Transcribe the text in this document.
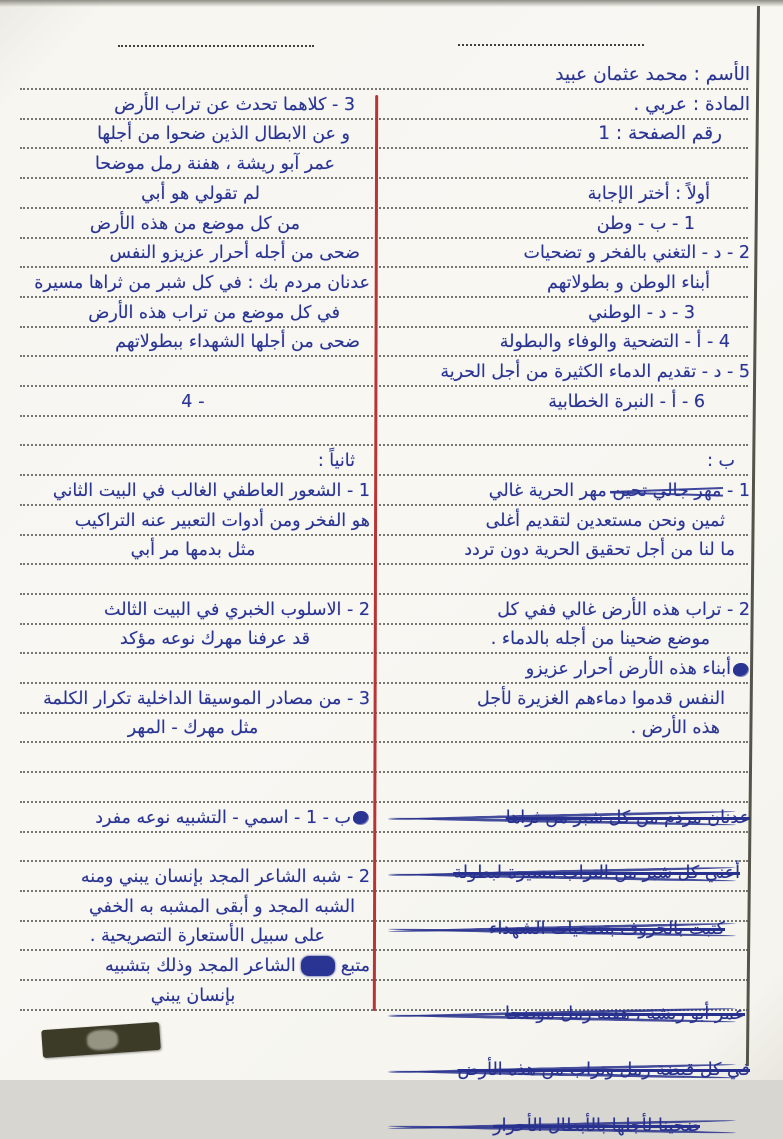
الأسم : محمد عثمان عبيد
المادة : عربي .
رقم الصفحة : 1
أولاً : أختر الإجابة
1 - ب - وطن
2 - د - التغني بالفخر و تضحيات
أبناء الوطن و بطولاتهم
3 - د - الوطني
4 - أ - التضحية والوفاء والبطولة
5 - د - تقديم الدماء الكثيرة من أجل الحرية
6 - أ - النبرة الخطابية
ب :
1 - مهر جالي تحين مهر الحرية غالي
ثمين ونحن مستعدين لتقديم أغلى
ما لنا من أجل تحقيق الحرية دون تردد
2 - تراب هذه الأرض غالي ففي كل
موضع ضحينا من أجله بالدماء .
أبناء هذه الأرض أحرار عزيزو
النفس قدموا دماءهم الغزيرة لأجل
هذه الأرض .
عدنان مردم من كل شبر من ثراها
أعني كل شبر من التراب مسيرة لبطولة
كتبت بالحروف بتضحيات الشهداء
عمر أبو ريشة ، هفنة رمل موضحا
في كل قبضة رمل وتراب من هذه الأرض
ضحينا لأجلها بالأبطال الأحرار
3 - كلاهما تحدث عن تراب الأرض
و عن الابطال الذين ضحوا من أجلها
عمر آبو ريشة ، هفنة رمل موضحا
لم تقولي هو أبي
من كل موضع من هذه الأرض
ضحى من أجله أحرار عزيزو النفس
عدنان مردم بك : في كل شبر من ثراها مسيرة
في كل موضع من تراب هذه الأرض
ضحى من أجلها الشهداء ببطولاتهم
- 4
ثانياً :
1 - الشعور العاطفي الغالب في البيت الثاني
هو الفخر ومن أدوات التعبير عنه التراكيب
مثل بدمها مر أبي
2 - الاسلوب الخبري في البيت الثالث
قد عرفنا مهرك نوعه مؤكد
3 - من مصادر الموسيقا الداخلية تكرار الكلمة
مثل مهرك - المهر
ب - 1 - اسمي - التشبيه نوعه مفرد
2 - شبه الشاعر المجد بإنسان يبني ومنه
الشبه المجد و أبقى المشبه به الخفي
على سبيل الأستعارة التصريحية .
متبع محل الشاعر المجد وذلك بتشبيه
بإنسان يبني
